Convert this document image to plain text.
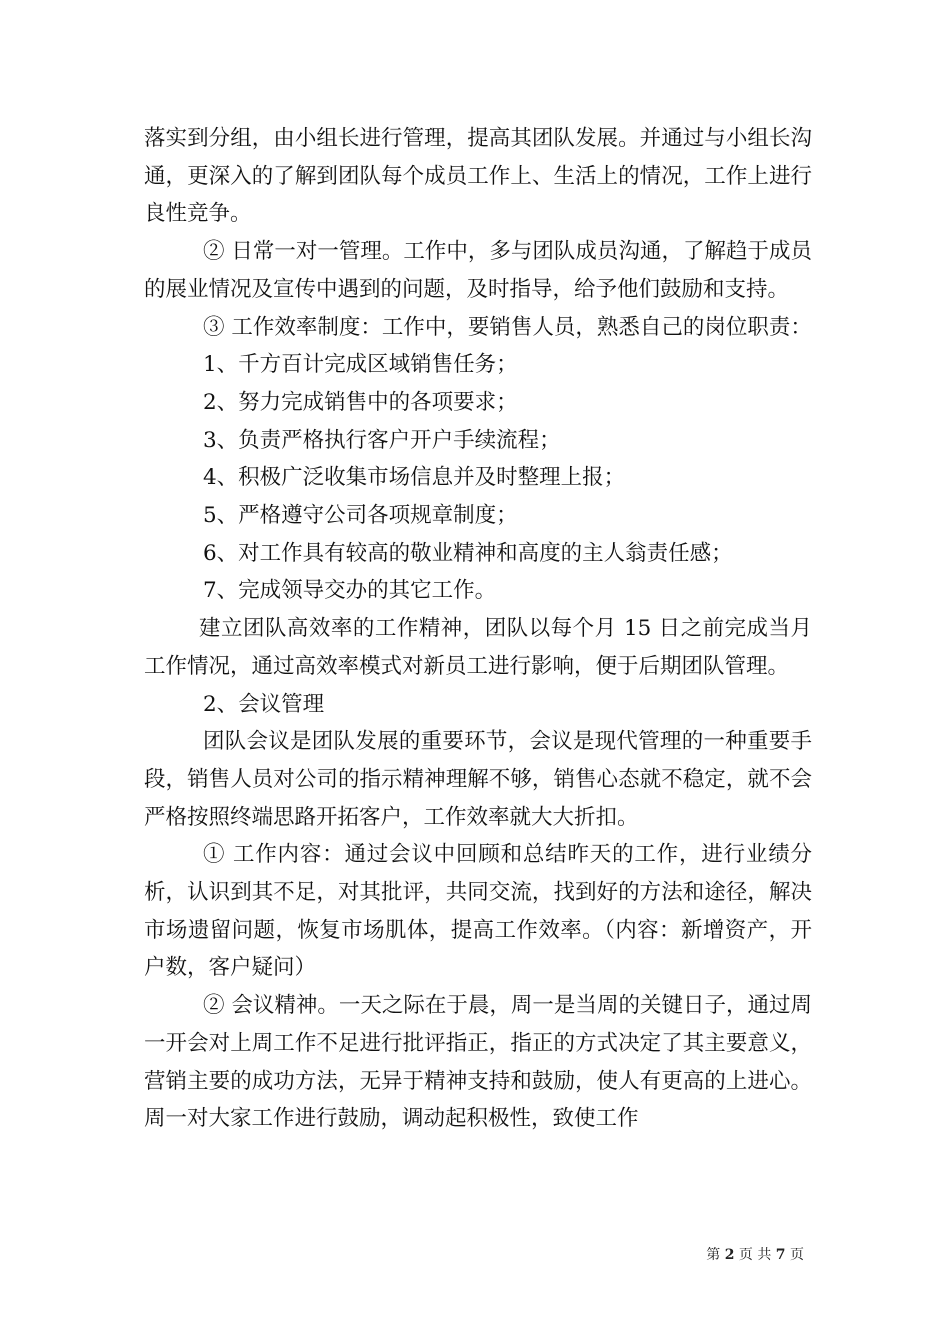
落实到分组，由小组长进行管理，提高其团队发展。并通过与小组长沟通，更深入的了解到团队每个成员工作上、生活上的情况，工作上进行良性竞争。

② 日常一对一管理。工作中，多与团队成员沟通，了解趋于成员的展业情况及宣传中遇到的问题，及时指导，给予他们鼓励和支持。

③ 工作效率制度：工作中，要销售人员，熟悉自己的岗位职责：

1、千方百计完成区域销售任务；

2、努力完成销售中的各项要求；

3、负责严格执行客户开户手续流程；

4、积极广泛收集市场信息并及时整理上报；

5、严格遵守公司各项规章制度；

6、对工作具有较高的敬业精神和高度的主人翁责任感；

7、完成领导交办的其它工作。

建立团队高效率的工作精神，团队以每个月 15 日之前完成当月工作情况，通过高效率模式对新员工进行影响，便于后期团队管理。

2、会议管理

团队会议是团队发展的重要环节，会议是现代管理的一种重要手段，销售人员对公司的指示精神理解不够，销售心态就不稳定，就不会严格按照终端思路开拓客户，工作效率就大大折扣。

① 工作内容：通过会议中回顾和总结昨天的工作，进行业绩分析，认识到其不足，对其批评，共同交流，找到好的方法和途径，解决市场遗留问题，恢复市场肌体，提高工作效率。（内容：新增资产，开户数，客户疑问）

② 会议精神。一天之际在于晨，周一是当周的关键日子，通过周一开会对上周工作不足进行批评指正，指正的方式决定了其主要意义，营销主要的成功方法，无异于精神支持和鼓励，使人有更高的上进心。周一对大家工作进行鼓励，调动起积极性，致使工作

第 2 页 共 7 页
